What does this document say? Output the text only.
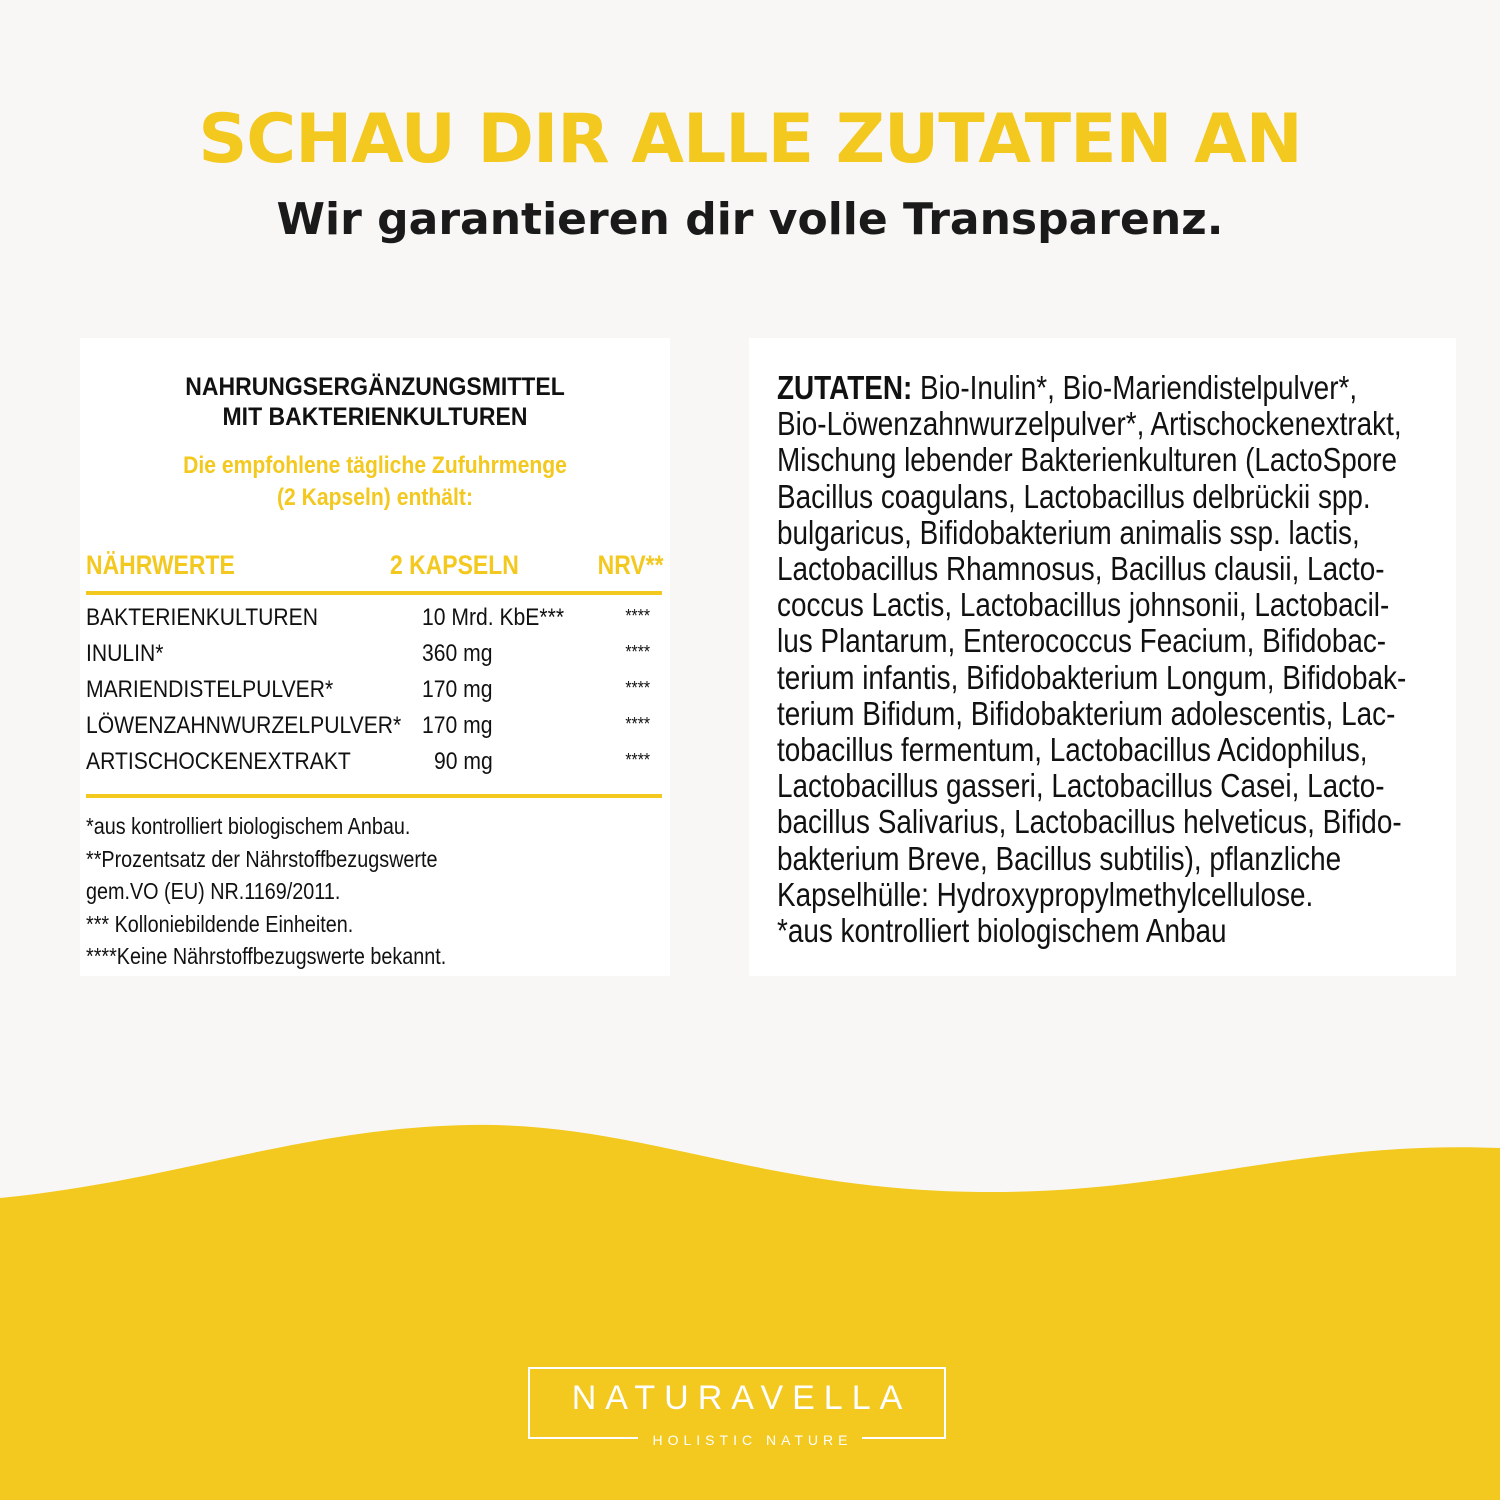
SCHAU DIR ALLE ZUTATEN AN
Wir garantieren dir volle Transparenz.
NAHRUNGSERGÄNZUNGSMITTEL
MIT BAKTERIENKULTUREN
Die empfohlene tägliche Zufuhrmenge
(2 Kapseln) enthält:
NÄHRWERTE	2 KAPSELN	NRV**
BAKTERIENKULTUREN	10 Mrd. KbE***	****
INULIN*	360 mg	****
MARIENDISTELPULVER*	170 mg	****
LÖWENZAHNWURZELPULVER* 170 mg	****
ARTISCHOCKENEXTRAKT	90 mg	****
*aus kontrolliert biologischem Anbau.
**Prozentsatz der Nährstoffbezugswerte
gem.VO (EU) NR.1169/2011.
*** Kolloniebildende Einheiten.
****Keine Nährstoffbezugswerte bekannt.
ZUTATEN: Bio-Inulin*, Bio-Mariendistelpulver*,
Bio-Löwenzahnwurzelpulver*, Artischockenextrakt,
Mischung lebender Bakterienkulturen (LactoSpore
Bacillus coagulans, Lactobacillus delbrückii spp.
bulgaricus, Bifidobakterium animalis ssp. lactis,
Lactobacillus Rhamnosus, Bacillus clausii, Lacto-
coccus Lactis, Lactobacillus johnsonii, Lactobacil-
lus Plantarum, Enterococcus Feacium, Bifidobac-
terium infantis, Bifidobakterium Longum, Bifidobak-
terium Bifidum, Bifidobakterium adolescentis, Lac-
tobacillus fermentum, Lactobacillus Acidophilus,
Lactobacillus gasseri, Lactobacillus Casei, Lacto-
bacillus Salivarius, Lactobacillus helveticus, Bifido-
bakterium Breve, Bacillus subtilis), pflanzliche
Kapselhülle: Hydroxypropylmethylcellulose.
*aus kontrolliert biologischem Anbau
NATURAVELLA
HOLISTIC NATURE
